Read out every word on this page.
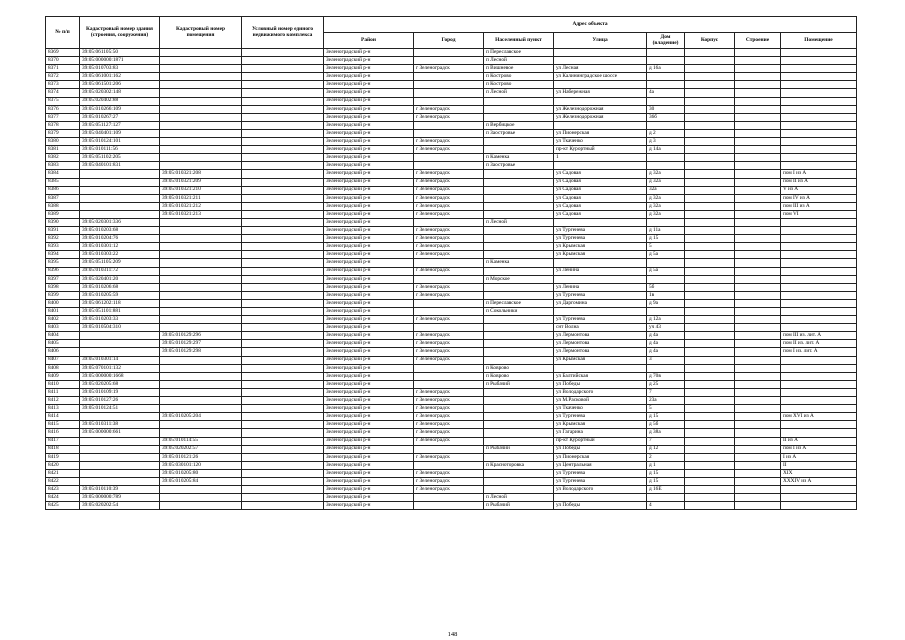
№ п/п	Кадастровый номер здания (строения, сооружения)	Кадастровый номер помещения	Условный номер единого недвижимого комплекса	Адрес объекта							
				Район	Город	Населенный пункт	Улица	Дом (владение)	Корпус	Строение	Помещение
8369	39:05:061105:50			Зеленоградский р-н		п Переславское					
8370	39:05:000000:1871			Зеленоградский р-н		п Лесной					
8371	39:05:010703:83			Зеленоградский р-н	г Зеленоградск	п Вишневое	ул Лесная	д 16а			
8372	39:05:061001:162			Зеленоградский р-н		п Кострово	ул Калининградское шоссе				
8373	39:05:061501:206			Зеленоградский р-н		п Кострово					
8374	39:05:020302:148			Зеленоградский р-н		п Лесной	ул Набережная	4а			
8375	39:05:020402:88			Зеленоградский р-н							
8376	39:05:010266:109			Зеленоградский р-н	г Зеленоградск		ул Железнодорожная	30			
8377	39:05:010267:27			Зеленоградский р-н	г Зеленоградск		ул Железнодорожная	36б			
8378	39:05:051127:127			Зеленоградский р-н		п Вербицкое					
8379	39:05:040401:109			Зеленоградский р-н		п Заостровье	ул Пионерская	д 2			
8380	39:05:010124:101			Зеленоградский р-н	г Зеленоградск		ул Ткаченко	д 3			
8381	39:05:010111:56			Зеленоградский р-н	г Зеленоградск		пр-кт Курортный	д 14а			
8382	39:05:051102:205			Зеленоградский р-н		п Каменка	1				
8383	39:05:040101:831			Зеленоградский р-н		п Заостровье					
8384		39:05:010321:208		Зеленоградский р-н	г Зеленоградск		ул Садовая	д 32а			пом I из А
8385		39:05:010321:209		Зеленоградский р-н	г Зеленоградск		ул Садовая	д 32а			пом II из А
8386		39:05:010321:210		Зеленоградский р-н	г Зеленоградск		ул Садовая	32а			V из А
8387		39:05:010321:211		Зеленоградский р-н	г Зеленоградск		ул Садовая	д 32а			пом IV из А
8388		39:05:010321:212		Зеленоградский р-н	г Зеленоградск		ул Садовая	д 32а			пом III из А
8389		39:05:010321:213		Зеленоградский р-н	г Зеленоградск		ул Садовая	д 32а			пом VI
8390	39:05:020301:336			Зеленоградский р-н		п Лесной					
8391	39:05:010203:68			Зеленоградский р-н	г Зеленоградск		ул Тургенева	д 11а			
8392	39:05:010204:76			Зеленоградский р-н	г Зеленоградск		ул Тургенева	д 15			
8393	39:05:010301:12			Зеленоградский р-н	г Зеленоградск		ул Крымская	5			
8394	39:05:010303:22			Зеленоградский р-н	г Зеленоградск		ул Крымская	д 5а			
8395	39:05:051105:209			Зеленоградский р-н		п Каменка					
8396	39:05:010311:72			Зеленоградский р-н	г Зеленоградск		ул Ленина	д 5а			
8397	39:05:020401:20			Зеленоградский р-н		п Морское					
8398	39:05:010206:68			Зеленоградский р-н	г Зеленоградск		ул Ленина	5б			
8399	39:05:010205:59			Зеленоградский р-н	г Зеленоградск		ул Тургенева	1в			
8400	39:05:061202:118			Зеленоградский р-н		п Переславское	ул Даргомина	д 9а			
8401	39:05:051101:881			Зеленоградский р-н		п Сокольники					
8402	39:05:010203:33			Зеленоградский р-н	г Зеленоградск		ул Тургенева	д 12а			
8403	39:05:010504:310			Зеленоградский р-н			снт Волна	уч 43			
8404		39:05:010129:296		Зеленоградский р-н	г Зеленоградск		ул Лермонтова	д 4а			пом III из. лит. А
8405		39:05:010129:297		Зеленоградский р-н	г Зеленоградск		ул Лермонтова	д 4а			пом II из. лит. А
8406		39:05:010129:298		Зеленоградский р-н	г Зеленоградск		ул Лермонтова	д 4а			пом I из. лит. А
8407	39:05:010301:14			Зеленоградский р-н	г Зеленоградск		ул Крымская	3			
8408	39:05:070101:132			Зеленоградский р-н		п Коврово					
8409	39:05:000000:1668			Зеленоградский р-н		п Коврово	ул Балтийская	д 70в			
8410	39:05:020205:68			Зеленоградский р-н		п Рыбачий	ул Победы	д 25			
8411	39:05:010109:19			Зеленоградский р-н	г Зеленоградск		ул Володарского	7			
8412	39:05:010127:26			Зеленоградский р-н	г Зеленоградск		ул М.Расковой	23а			
8413	39:05:010124:51			Зеленоградский р-н	г Зеленоградск		ул Ткаченко	5			
8414		39:05:010205:204		Зеленоградский р-н	г Зеленоградск		ул Тургенева	д 15			пом XVI из А
8415	39:05:010311:38			Зеленоградский р-н	г Зеленоградск		ул Крымская	д 5б			
8416	39:05:000000:661			Зеленоградский р-н	г Зеленоградск		ул Гагарина	д 38а			
8417		39:05:010114:55		Зеленоградский р-н	г Зеленоградск		пр-кт Курортный	7			II из А
8418		39:05:020202:57		Зеленоградский р-н		п Рыбачий	ул Победы	д 12			пом I из А
8419		39:05:010121:26		Зеленоградский р-н	г Зеленоградск		ул Пионерская	2			I из А
8420		39:05:030101:120		Зеленоградский р-н		п Красноторовка	ул Центральная	д 1			II
8421		39:05:010205:80		Зеленоградский р-н	г Зеленоградск		ул Тургенева	д 15			XIX
8422		39:05:010205:84		Зеленоградский р-н	г Зеленоградск		ул Тургенева	д 15			XXXIV из А
8423	39:05:010110:39			Зеленоградский р-н	г Зеленоградск		ул Володарского	д 16Е			
8424	39:05:000000:789			Зеленоградский р-н		п Лесной					
8425	39:05:020202:54			Зеленоградский р-н		п Рыбачий	ул Победы	4			
148
